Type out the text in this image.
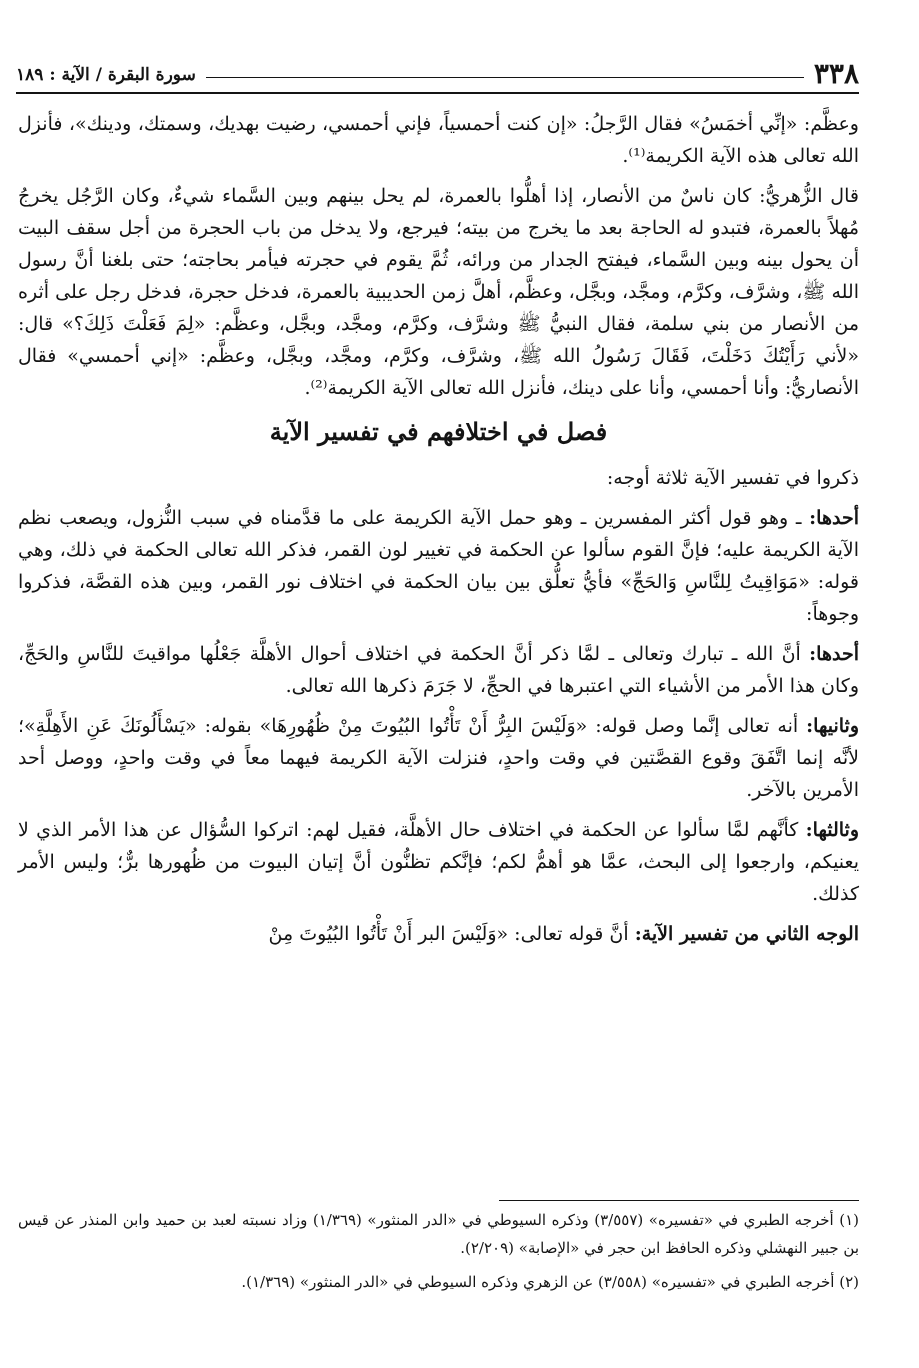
٣٣٨
سورة البقرة / الآية : ١٨٩

وعظَّم: «إنِّي أخمَسُ» فقال الرَّجلُ: «إن كنت أحمسياً، فإني أحمسي، رضيت بهديك، وسمتك، ودينك»، فأنزل الله تعالى هذه الآية الكريمة⁽¹⁾.

قال الزُّهريُّ: كان ناسٌ من الأنصار، إذا أهلُّوا بالعمرة، لم يحل بينهم وبين السَّماء شيءٌ، وكان الرَّجُل يخرجُ مُهلاً بالعمرة، فتبدو له الحاجة بعد ما يخرج من بيته؛ فيرجع، ولا يدخل من باب الحجرة من أجل سقف البيت أن يحول بينه وبين السَّماء، فيفتح الجدار من ورائه، ثُمَّ يقوم في حجرته فيأمر بحاجته؛ حتى بلغنا أنَّ رسول الله ﷺ، وشرَّف، وكرَّم، ومجَّد، وبجَّل، وعظَّم، أهلَّ زمن الحديبية بالعمرة، فدخل حجرة، فدخل رجل على أثره من الأنصار من بني سلمة، فقال النبيُّ ﷺ وشرَّف، وكرَّم، ومجَّد، وبجَّل، وعظَّم: «لِمَ فَعَلْتَ ذَلِكَ؟» قال: «لأني رَأَيْتُكَ دَخَلْتَ، فَقَالَ رَسُولُ الله ﷺ، وشرَّف، وكرَّم، ومجَّد، وبجَّل، وعظَّم: «إني أحمسي» فقال الأنصاريُّ: وأنا أحمسي، وأنا على دينك، فأنزل الله تعالى الآية الكريمة⁽²⁾.

فصل في اختلافهم في تفسير الآية

ذكروا في تفسير الآية ثلاثة أوجه:

أحدها: ـ وهو قول أكثر المفسرين ـ وهو حمل الآية الكريمة على ما قدَّمناه في سبب النُّزول، ويصعب نظم الآية الكريمة عليه؛ فإنَّ القوم سألوا عن الحكمة في تغيير لون القمر، فذكر الله تعالى الحكمة في ذلك، وهي قوله: «مَوَاقِيتُ لِلنَّاسِ وَالحَجِّ» فأيُّ تعلُّق بين بيان الحكمة في اختلاف نور القمر، وبين هذه القصَّة، فذكروا وجوهاً:

أحدها: أنَّ الله ـ تبارك وتعالى ـ لمَّا ذكر أنَّ الحكمة في اختلاف أحوال الأهلَّة جَعْلُها مواقيتَ للنَّاسِ والحَجِّ، وكان هذا الأمر من الأشياء التي اعتبرها في الحجِّ، لا جَرَمَ ذكرها الله تعالى.

وثانيها: أنه تعالى إنَّما وصل قوله: «وَلَيْسَ البِرُّ أَنْ تَأْتُوا البُيُوتَ مِنْ ظُهُورِهَا» بقوله: «يَسْأَلُونَكَ عَنِ الأَهِلَّةِ»؛ لأنَّه إنما اتَّفَقَ وقوع القصَّتين في وقت واحدٍ، فنزلت الآية الكريمة فيهما معاً في وقت واحدٍ، ووصل أحد الأمرين بالآخر.

وثالثها: كأنَّهم لمَّا سألوا عن الحكمة في اختلاف حال الأهلَّة، فقيل لهم: اتركوا السُّؤال عن هذا الأمر الذي لا يعنيكم، وارجعوا إلى البحث، عمَّا هو أهمُّ لكم؛ فإنَّكم تظنُّون أنَّ إتيان البيوت من ظُهورها برٌّ؛ وليس الأمر كذلك.

الوجه الثاني من تفسير الآية: أنَّ قوله تعالى: «وَلَيْسَ البر أَنْ تَأْتُوا البُيُوتَ مِنْ

(١) أخرجه الطبري في «تفسيره» (٣/٥٥٧) وذكره السيوطي في «الدر المنثور» (١/٣٦٩) وزاد نسبته لعبد بن حميد وابن المنذر عن قيس بن جبير النهشلي وذكره الحافظ ابن حجر في «الإصابة» (٢/٢٠٩).

(٢) أخرجه الطبري في «تفسيره» (٣/٥٥٨) عن الزهري وذكره السيوطي في «الدر المنثور» (١/٣٦٩).
